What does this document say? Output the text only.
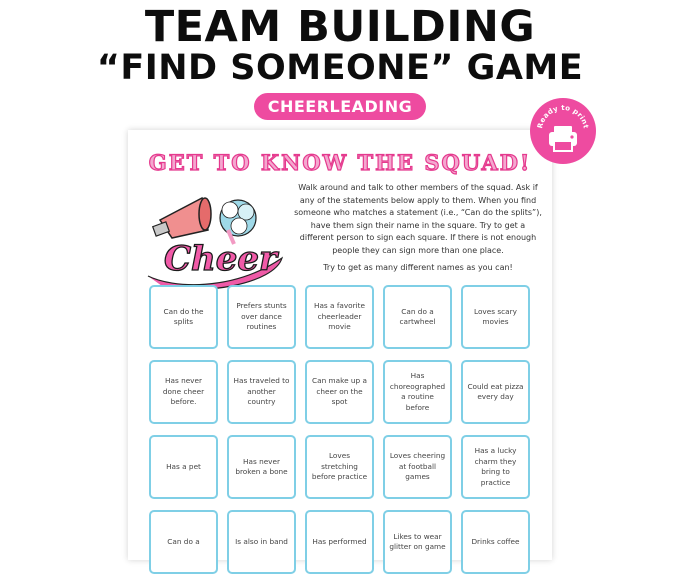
TEAM BUILDING
“FIND SOMEONE” GAME
CHEERLEADING
GET TO KNOW THE SQUAD!
Cheer
Walk around and talk to other members of the squad. Ask if any of the statements below apply to them. When you find someone who matches a statement (i.e., “Can do the splits”), have them sign their name in the square. Try to get a different person to sign each square. If there is not enough people they can sign more than one place.
Try to get as many different names as you can!
Can do the splits
Prefers stunts over dance routines
Has a favorite cheerleader movie
Can do a cartwheel
Loves scary movies
Has never done cheer before.
Has traveled to another country
Can make up a cheer on the spot
Has choreographed a routine before
Could eat pizza every day
Has a pet
Has never broken a bone
Loves stretching before practice
Loves cheering at football games
Has a lucky charm they bring to practice
Can do a	Is also in band	Has performed
Likes to wear glitter on game
Drinks coffee
Ready to print
